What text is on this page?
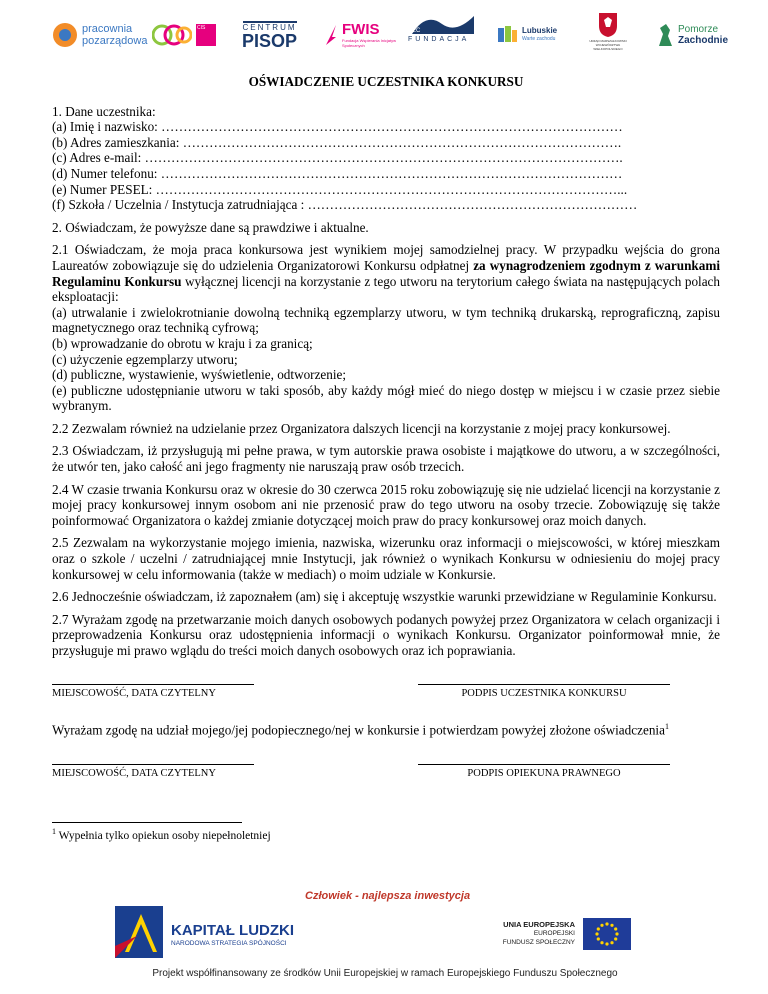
pracownia
pozarządowa
CIS	CENTRUM
PISOP
FWIS
Fundacja Wspierania Inicjatyw Społecznych
EC
FUNDACJA
Lubuskie
Warte zachodu	URZĄD MARSZAŁKOWSKI WOJEWÓDZTWA WIELKOPOLSKIEGO
Pomorze
Zachodnie
OŚWIADCZENIE UCZESTNIKA KONKURSU
1. Dane uczestnika:
(a) Imię i nazwisko: ……………………………………………………………………………………………
(b) Adres zamieszkania: ……………………………………………………………………………………….
(c) Adres e-mail: ……………………………………………………………………………………………….
(d) Numer telefonu: ……………………………………………………………………………………………
(e) Numer PESEL: ……………………………………………………………………………………………...
(f) Szkoła / Uczelnia / Instytucja zatrudniająca : …………………………………………………………………
2. Oświadczam, że powyższe dane są prawdziwe i aktualne.
2.1 Oświadczam, że moja praca konkursowa jest wynikiem mojej samodzielnej pracy. W przypadku wejścia do grona Laureatów zobowiązuje się do udzielenia Organizatorowi Konkursu odpłatnej za wynagrodzeniem zgodnym z warunkami Regulaminu Konkursu wyłącznej licencji na korzystanie z tego utworu na terytorium całego świata na następujących polach eksploatacji:
(a) utrwalanie i zwielokrotnianie dowolną techniką egzemplarzy utworu, w tym techniką drukarską, reprograficzną, zapisu magnetycznego oraz techniką cyfrową;
(b) wprowadzanie do obrotu w kraju i za granicą;
(c) użyczenie egzemplarzy utworu;
(d) publiczne, wystawienie, wyświetlenie, odtworzenie;
(e) publiczne udostępnianie utworu w taki sposób, aby każdy mógł mieć do niego dostęp w miejscu i w czasie przez siebie wybranym.
2.2 Zezwalam również na udzielanie przez Organizatora dalszych licencji na korzystanie z mojej pracy konkursowej.
2.3 Oświadczam, iż przysługują mi pełne prawa, w tym autorskie prawa osobiste i majątkowe do utworu, a w szczególności, że utwór ten, jako całość ani jego fragmenty nie naruszają praw osób trzecich.
2.4 W czasie trwania Konkursu oraz w okresie do 30 czerwca 2015 roku zobowiązuję się nie udzielać licencji na korzystanie z mojej pracy konkursowej innym osobom ani nie przenosić praw do tego utworu na osoby trzecie. Zobowiązuję się także poinformować Organizatora o każdej zmianie dotyczącej moich praw do pracy konkursowej oraz moich danych.
2.5 Zezwalam na wykorzystanie mojego imienia, nazwiska, wizerunku oraz informacji o miejscowości, w której mieszkam oraz o szkole / uczelni / zatrudniającej mnie Instytucji, jak również o wynikach Konkursu w odniesieniu do mojej pracy konkursowej w celu informowania (także w mediach) o moim udziale w Konkursie.
2.6 Jednocześnie oświadczam, iż zapoznałem (am) się i akceptuję wszystkie warunki przewidziane w Regulaminie Konkursu.
2.7 Wyrażam zgodę na przetwarzanie moich danych osobowych podanych powyżej przez Organizatora w celach organizacji i przeprowadzenia Konkursu oraz udostępnienia informacji o wynikach Konkursu. Organizator poinformował mnie, że przysługuje mi prawo wglądu do treści moich danych osobowych oraz ich poprawiania.
MIEJSCOWOŚĆ, DATA CZYTELNY	PODPIS UCZESTNIKA KONKURSU
Wyrażam zgodę na udział mojego/jej podopiecznego/nej w konkursie i potwierdzam powyżej złożone oświadczenia$^1$
MIEJSCOWOŚĆ, DATA CZYTELNY	PODPIS OPIEKUNA PRAWNEGO
$^1$ Wypełnia tylko opiekun osoby niepełnoletniej
Człowiek - najlepsza inwestycja
KAPITAŁ LUDZKI
NARODOWA STRATEGIA SPÓJNOŚCI
UNIA EUROPEJSKA
EUROPEJSKI
FUNDUSZ SPOŁECZNY
Projekt współfinansowany ze środków Unii Europejskiej w ramach Europejskiego Funduszu Społecznego
